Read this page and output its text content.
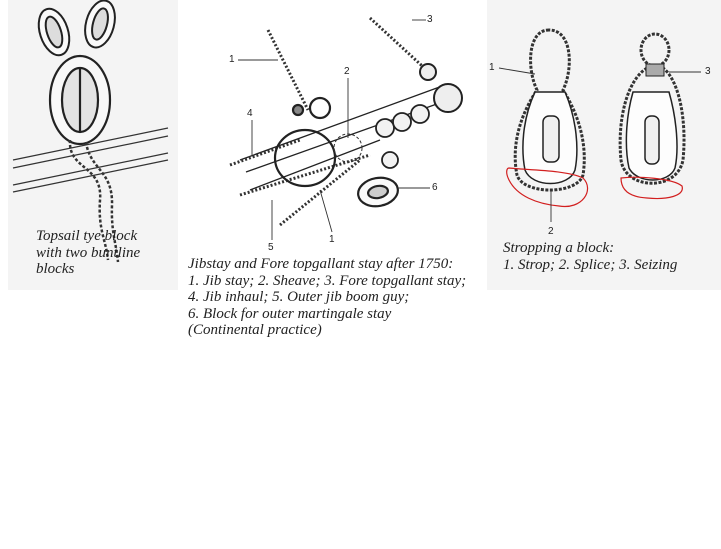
Topsail tye block
with two buntline
blocks
1
2
3
4
5
1
6
Jibstay and Fore topgallant stay after 1750:
1. Jib stay; 2. Sheave; 3. Fore topgallant stay;
4. Jib inhaul; 5. Outer jib boom guy;
6. Block for outer martingale stay
(Continental practice)
1
2
3
Stropping a block:
1. Strop; 2. Splice; 3. Seizing
